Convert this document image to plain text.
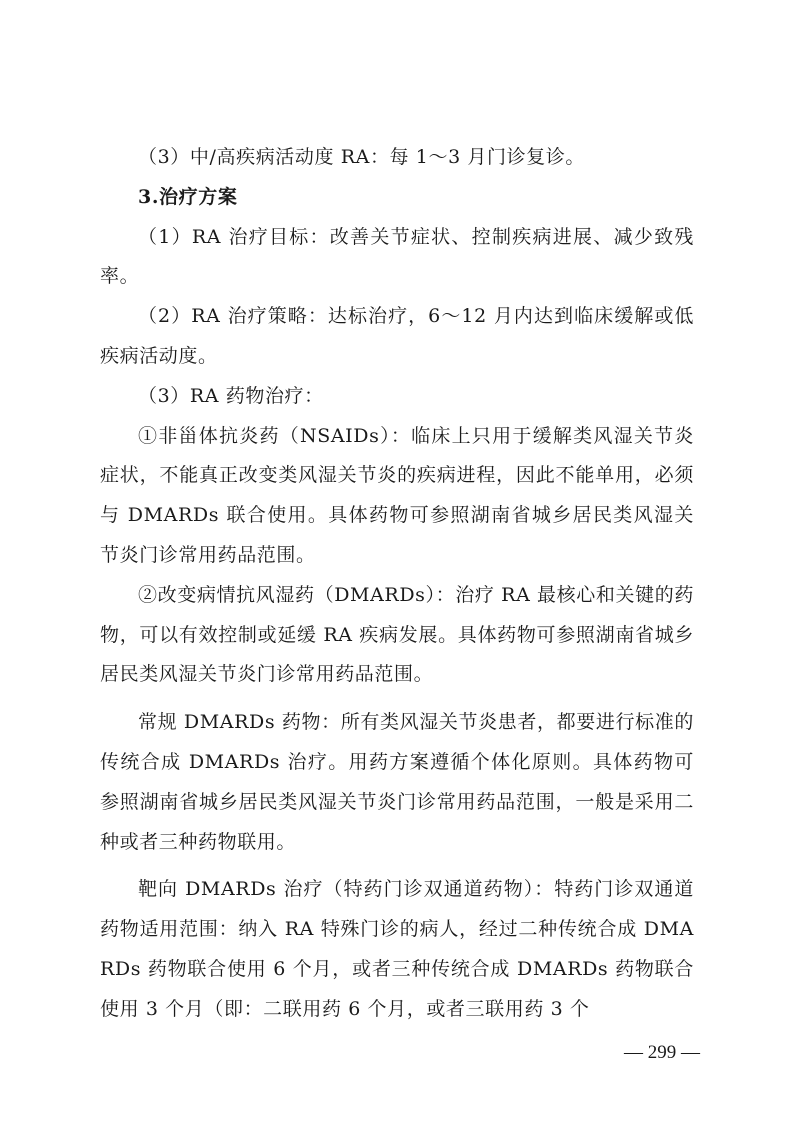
（3）中/高疾病活动度 RA：每 1～3 月门诊复诊。

3.治疗方案

（1）RA 治疗目标：改善关节症状、控制疾病进展、减少致残率。

（2）RA 治疗策略：达标治疗，6～12 月内达到临床缓解或低疾病活动度。

（3）RA 药物治疗：

①非甾体抗炎药（NSAIDs）：临床上只用于缓解类风湿关节炎症状，不能真正改变类风湿关节炎的疾病进程，因此不能单用，必须与 DMARDs 联合使用。具体药物可参照湖南省城乡居民类风湿关节炎门诊常用药品范围。

②改变病情抗风湿药（DMARDs）：治疗 RA 最核心和关键的药物，可以有效控制或延缓 RA 疾病发展。具体药物可参照湖南省城乡居民类风湿关节炎门诊常用药品范围。

常规 DMARDs 药物：所有类风湿关节炎患者，都要进行标准的传统合成 DMARDs 治疗。用药方案遵循个体化原则。具体药物可参照湖南省城乡居民类风湿关节炎门诊常用药品范围，一般是采用二种或者三种药物联用。

靶向 DMARDs 治疗（特药门诊双通道药物）：特药门诊双通道药物适用范围：纳入 RA 特殊门诊的病人，经过二种传统合成 DMARDs 药物联合使用 6 个月，或者三种传统合成 DMARDs 药物联合使用 3 个月（即：二联用药 6 个月，或者三联用药 3 个

— 299 —
